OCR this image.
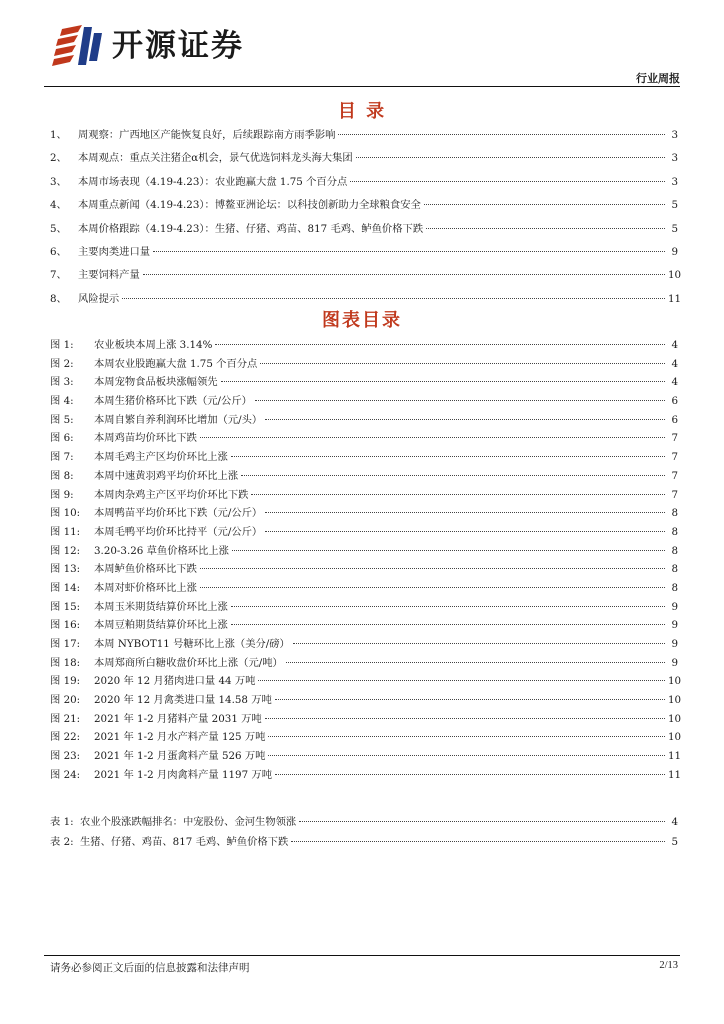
开源证券
行业周报
目 录
1、	周观察：广西地区产能恢复良好，后续跟踪南方雨季影响	3
2、	本周观点：重点关注猪企α机会，景气优选饲料龙头海大集团	3
3、	本周市场表现（4.19-4.23）：农业跑赢大盘 1.75 个百分点	3
4、	本周重点新闻（4.19-4.23）：博鳌亚洲论坛：以科技创新助力全球粮食安全	5
5、	本周价格跟踪（4.19-4.23）：生猪、仔猪、鸡苗、817 毛鸡、鲈鱼价格下跌	5
6、	主要肉类进口量	9
7、	主要饲料产量	10
8、	风险提示	11
图表目录
图 1:	农业板块本周上涨 3.14%	4
图 2:	本周农业股跑赢大盘 1.75 个百分点	4
图 3:	本周宠物食品板块涨幅领先	4
图 4:	本周生猪价格环比下跌（元/公斤）	6
图 5:	本周自繁自养利润环比增加（元/头）	6
图 6:	本周鸡苗均价环比下跌	7
图 7:	本周毛鸡主产区均价环比上涨	7
图 8:	本周中速黄羽鸡平均价环比上涨	7
图 9:	本周肉杂鸡主产区平均价环比下跌	7
图 10:	本周鸭苗平均价环比下跌（元/公斤）	8
图 11:	本周毛鸭平均价环比持平（元/公斤）	8
图 12:	3.20-3.26 草鱼价格环比上涨	8
图 13:	本周鲈鱼价格环比下跌	8
图 14:	本周对虾价格环比上涨	8
图 15:	本周玉米期货结算价环比上涨	9
图 16:	本周豆粕期货结算价环比上涨	9
图 17:	本周 NYBOT11 号糖环比上涨（美分/磅）	9
图 18:	本周郑商所白糖收盘价环比上涨（元/吨）	9
图 19:	2020 年 12 月猪肉进口量 44 万吨	10
图 20:	2020 年 12 月禽类进口量 14.58 万吨	10
图 21:	2021 年 1-2 月猪料产量 2031 万吨	10
图 22:	2021 年 1-2 月水产料产量 125 万吨	10
图 23:	2021 年 1-2 月蛋禽料产量 526 万吨	11
图 24:	2021 年 1-2 月肉禽料产量 1197 万吨	11
表 1: 农业个股涨跌幅排名：中宠股份、金河生物领涨	4
表 2: 生猪、仔猪、鸡苗、817 毛鸡、鲈鱼价格下跌	5
请务必参阅正文后面的信息披露和法律声明	2/13
